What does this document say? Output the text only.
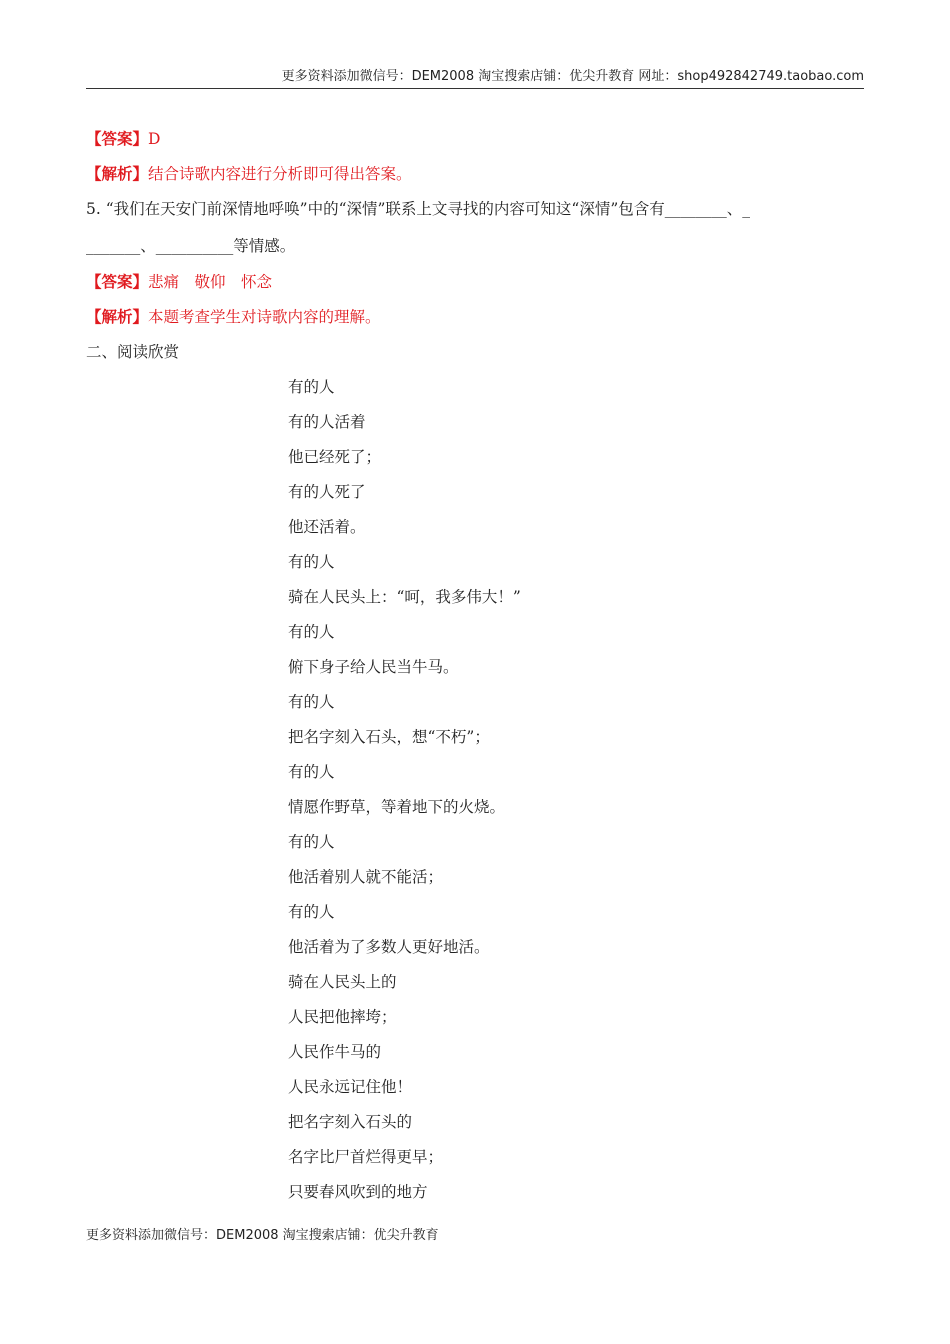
更多资料添加微信号：DEM2008 淘宝搜索店铺：优尖升教育 网址：shop492842749.taobao.com
【答案】D
【解析】结合诗歌内容进行分析即可得出答案。
5. “我们在天安门前深情地呼唤”中的“深情”联系上文寻找的内容可知这“深情”包含有________、_
_______、__________等情感。
【答案】悲痛　敬仰　怀念
【解析】本题考查学生对诗歌内容的理解。
二、阅读欣赏
有的人
有的人活着
他已经死了；
有的人死了
他还活着。
有的人
骑在人民头上：“呵，我多伟大！”
有的人
俯下身子给人民当牛马。
有的人
把名字刻入石头，想“不朽”；
有的人
情愿作野草，等着地下的火烧。
有的人
他活着别人就不能活；
有的人
他活着为了多数人更好地活。
骑在人民头上的
人民把他摔垮；
人民作牛马的
人民永远记住他！
把名字刻入石头的
名字比尸首烂得更早；
只要春风吹到的地方
更多资料添加微信号：DEM2008 淘宝搜索店铺：优尖升教育
